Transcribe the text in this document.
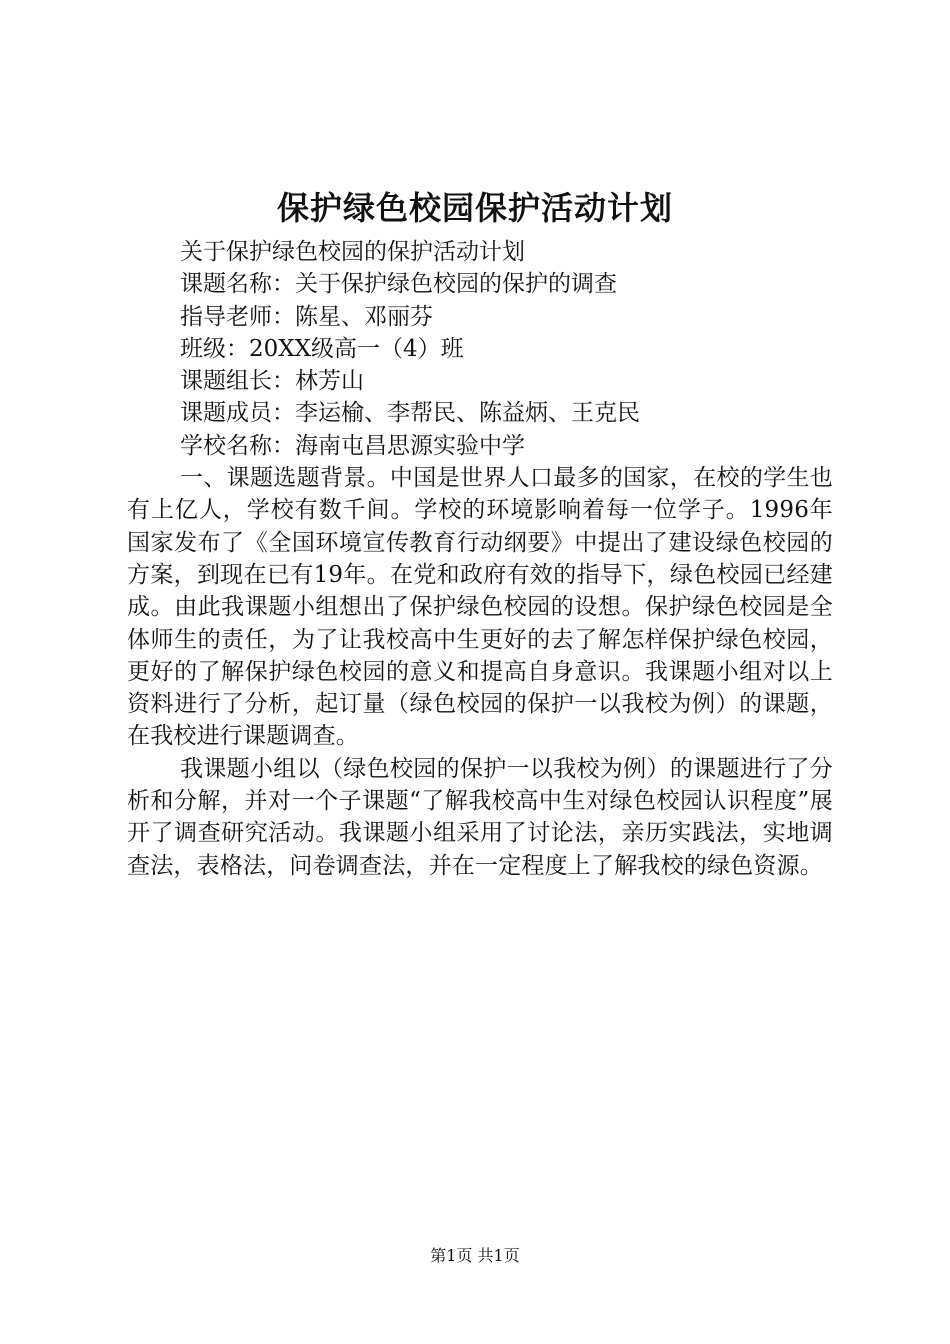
保护绿色校园保护活动计划

关于保护绿色校园的保护活动计划

课题名称：关于保护绿色校园的保护的调查

指导老师：陈星、邓丽芬

班级：20XX级高一（4）班

课题组长：林芳山

课题成员：李运榆、李帮民、陈益炳、王克民

学校名称：海南屯昌思源实验中学

一、课题选题背景。中国是世界人口最多的国家，在校的学生也有上亿人，学校有数千间。学校的环境影响着每一位学子。1996年国家发布了《全国环境宣传教育行动纲要》中提出了建设绿色校园的方案，到现在已有19年。在党和政府有效的指导下，绿色校园已经建成。由此我课题小组想出了保护绿色校园的设想。保护绿色校园是全体师生的责任，为了让我校高中生更好的去了解怎样保护绿色校园，更好的了解保护绿色校园的意义和提高自身意识。我课题小组对以上资料进行了分析，起订量（绿色校园的保护一以我校为例）的课题，在我校进行课题调查。

我课题小组以（绿色校园的保护一以我校为例）的课题进行了分析和分解，并对一个子课题“了解我校高中生对绿色校园认识程度”展开了调查研究活动。我课题小组采用了讨论法，亲历实践法，实地调查法，表格法，问卷调查法，并在一定程度上了解我校的绿色资源。

第1页 共1页
